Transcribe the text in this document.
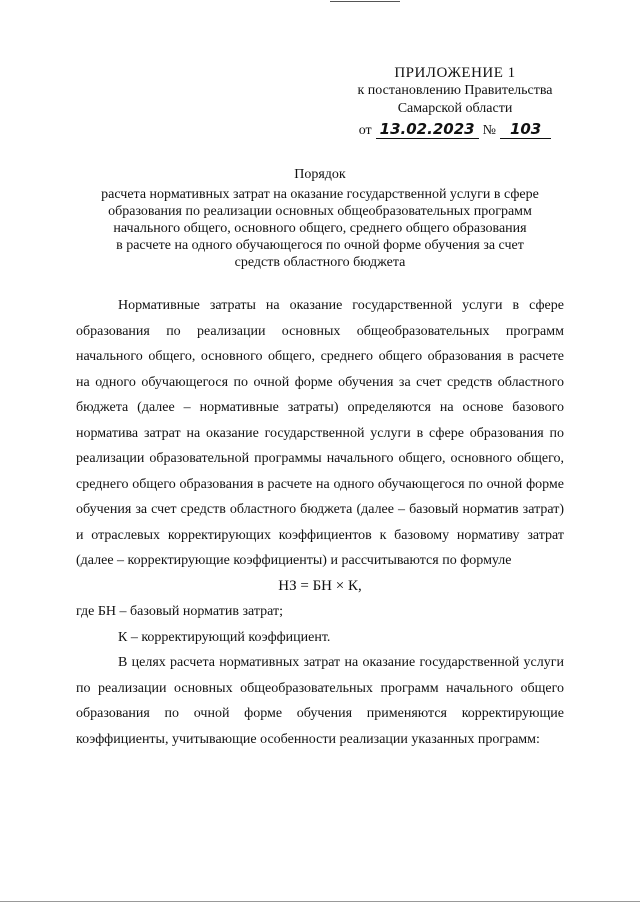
ПРИЛОЖЕНИЕ 1
к постановлению Правительства
Самарской области
от 13.02.2023 № 103
Порядок
расчета нормативных затрат на оказание государственной услуги в сфере
образования по реализации основных общеобразовательных программ
начального общего, основного общего, среднего общего образования
в расчете на одного обучающегося по очной форме обучения за счет
средств областного бюджета

Нормативные затраты на оказание государственной услуги в сфере образования по реализации основных общеобразовательных программ начального общего, основного общего, среднего общего образования в расчете на одного обучающегося по очной форме обучения за счет средств областного бюджета (далее – нормативные затраты) определяются на основе базового норматива затрат на оказание государственной услуги в сфере образования по реализации образовательной программы начального общего, основного общего, среднего общего образования в расчете на одного обучающегося по очной форме обучения за счет средств областного бюджета (далее – базовый норматив затрат) и отраслевых корректирующих коэффициентов к базовому нормативу затрат (далее – корректирующие коэффициенты) и рассчитываются по формуле

НЗ = БН × К,

где БН – базовый норматив затрат;

К – корректирующий коэффициент.

В целях расчета нормативных затрат на оказание государственной услуги по реализации основных общеобразовательных программ начального общего образования по очной форме обучения применяются корректирующие коэффициенты, учитывающие особенности реализации указанных программ:
